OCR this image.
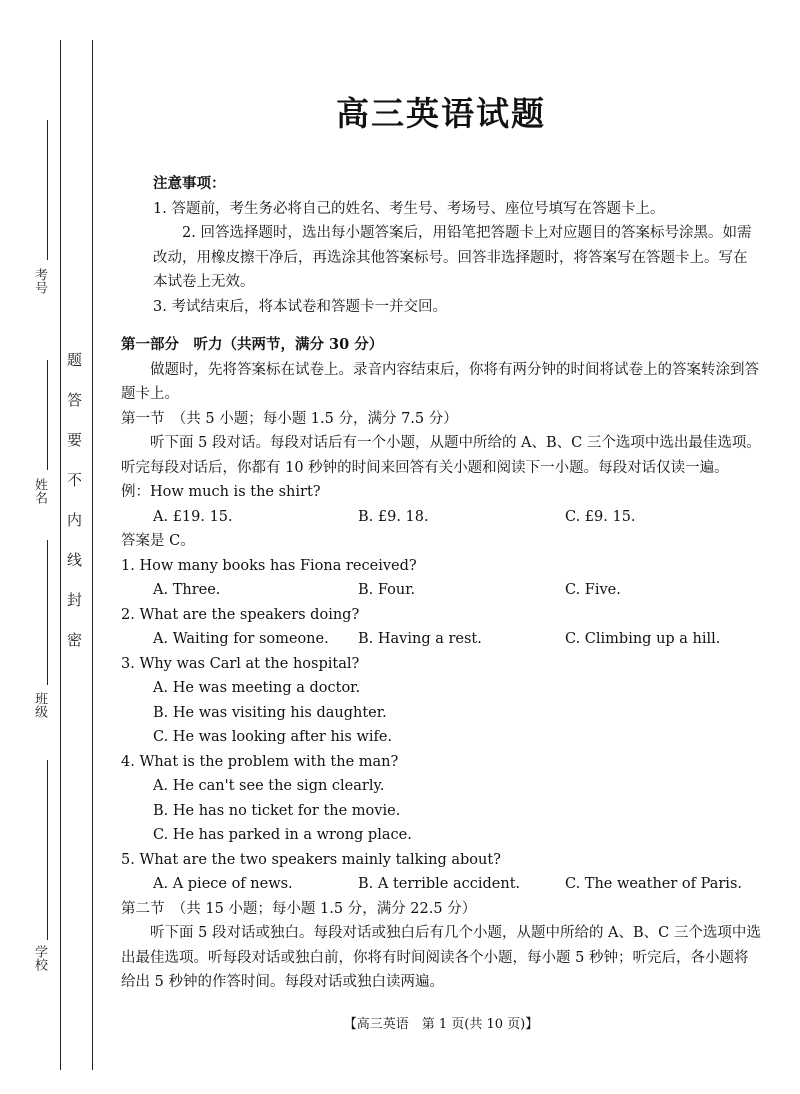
考号
姓名
班级
学校
题
答
要
不
内
线
封
密
高三英语试题

注意事项：

1. 答题前，考生务必将自己的姓名、考生号、考场号、座位号填写在答题卡上。

2. 回答选择题时，选出每小题答案后，用铅笔把答题卡上对应题目的答案标号涂黑。如需改动，用橡皮擦干净后，再选涂其他答案标号。回答非选择题时，将答案写在答题卡上。写在本试卷上无效。

3. 考试结束后，将本试卷和答题卡一并交回。

第一部分　听力（共两节，满分 30 分）

做题时，先将答案标在试卷上。录音内容结束后，你将有两分钟的时间将试卷上的答案转涂到答题卡上。

第一节　（共 5 小题；每小题 1.5 分，满分 7.5 分）

听下面 5 段对话。每段对话后有一个小题，从题中所给的 A、B、C 三个选项中选出最佳选项。听完每段对话后，你都有 10 秒钟的时间来回答有关小题和阅读下一小题。每段对话仅读一遍。

例：How much is the shirt?

A. £19. 15.	B. £9. 18.	C. £9. 15.

答案是 C。

1. How many books has Fiona received?

A. Three.	B. Four.	C. Five.

2. What are the speakers doing?

A. Waiting for someone.	B. Having a rest.	C. Climbing up a hill.

3. Why was Carl at the hospital?

A. He was meeting a doctor.

B. He was visiting his daughter.

C. He was looking after his wife.

4. What is the problem with the man?

A. He can't see the sign clearly.

B. He has no ticket for the movie.

C. He has parked in a wrong place.

5. What are the two speakers mainly talking about?

A. A piece of news.	B. A terrible accident.	C. The weather of Paris.

第二节　（共 15 小题；每小题 1.5 分，满分 22.5 分）

听下面 5 段对话或独白。每段对话或独白后有几个小题，从题中所给的 A、B、C 三个选项中选出最佳选项。听每段对话或独白前，你将有时间阅读各个小题，每小题 5 秒钟；听完后，各小题将给出 5 秒钟的作答时间。每段对话或独白读两遍。

【高三英语　第 1 页(共 10 页)】
